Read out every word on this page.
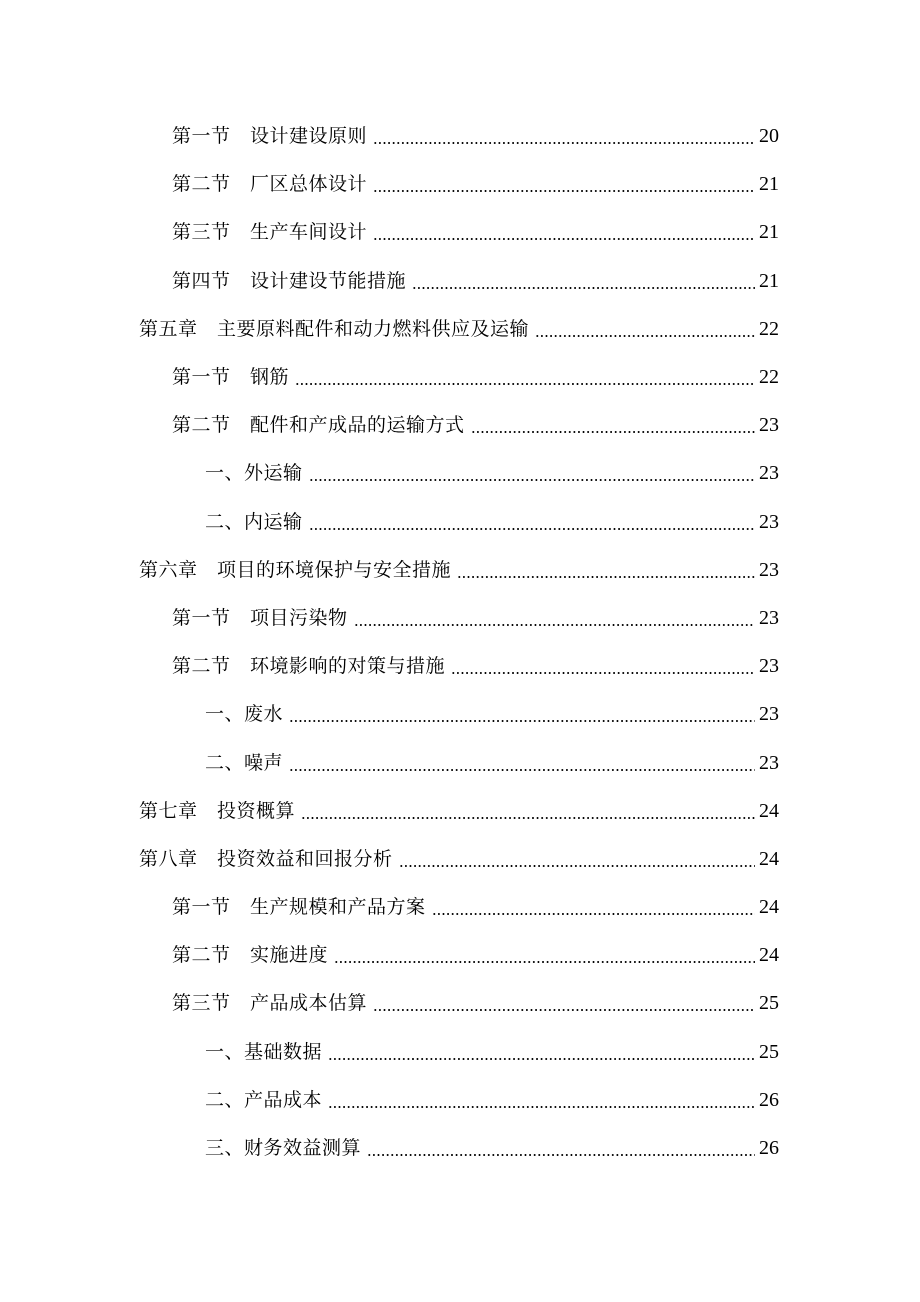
第一节　设计建设原则	20
第二节　厂区总体设计	21
第三节　生产车间设计	21
第四节　设计建设节能措施	21
第五章　主要原料配件和动力燃料供应及运输	22
第一节　钢筋	22
第二节　配件和产成品的运输方式	23
一、外运输	23
二、内运输	23
第六章　项目的环境保护与安全措施	23
第一节　项目污染物	23
第二节　环境影响的对策与措施	23
一、废水	23
二、噪声	23
第七章　投资概算	24
第八章　投资效益和回报分析	24
第一节　生产规模和产品方案	24
第二节　实施进度	24
第三节　产品成本估算	25
一、基础数据	25
二、产品成本	26
三、财务效益测算	26
